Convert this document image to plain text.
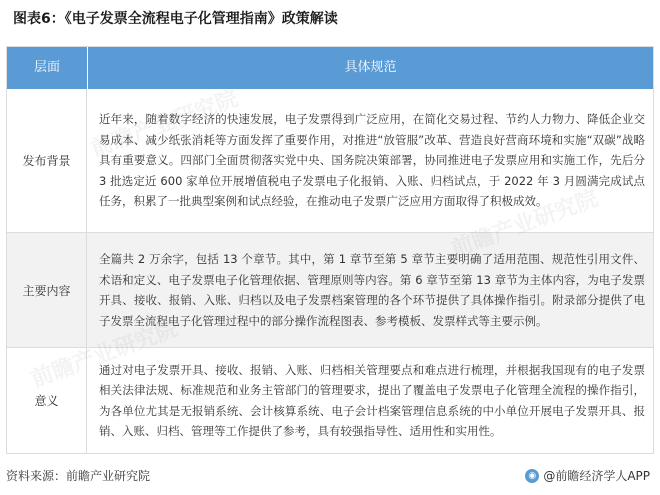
图表6：《电子发票全流程电子化管理指南》政策解读
层面	具体规范
发布背景
近年来，随着数字经济的快速发展，电子发票得到广泛应用，在简化交易过程、节约人力物力、降低企业交易成本、减少纸张消耗等方面发挥了重要作用，对推进“放管服”改革、营造良好营商环境和实施“双碳”战略具有重要意义。四部门全面贯彻落实党中央、国务院决策部署，协同推进电子发票应用和实施工作，先后分 3 批选定近 600 家单位开展增值税电子发票电子化报销、入账、归档试点，于 2022 年 3 月圆满完成试点任务，积累了一批典型案例和试点经验，在推动电子发票广泛应用方面取得了积极成效。
主要内容
全篇共 2 万余字，包括 13 个章节。其中，第 1 章节至第 5 章节主要明确了适用范围、规范性引用文件、术语和定义、电子发票电子化管理依据、管理原则等内容。第 6 章节至第 13 章节为主体内容，为电子发票开具、接收、报销、入账、归档以及电子发票档案管理的各个环节提供了具体操作指引。附录部分提供了电子发票全流程电子化管理过程中的部分操作流程图表、参考模板、发票样式等主要示例。
意义
通过对电子发票开具、接收、报销、入账、归档相关管理要点和难点进行梳理，并根据我国现有的电子发票相关法律法规、标准规范和业务主管部门的管理要求，提出了覆盖电子发票电子化管理全流程的操作指引，为各单位尤其是无报销系统、会计核算系统、电子会计档案管理信息系统的中小单位开展电子发票开具、报销、入账、归档、管理等工作提供了参考，具有较强指导性、适用性和实用性。
资料来源：前瞻产业研究院	◉ @前瞻经济学人APP
